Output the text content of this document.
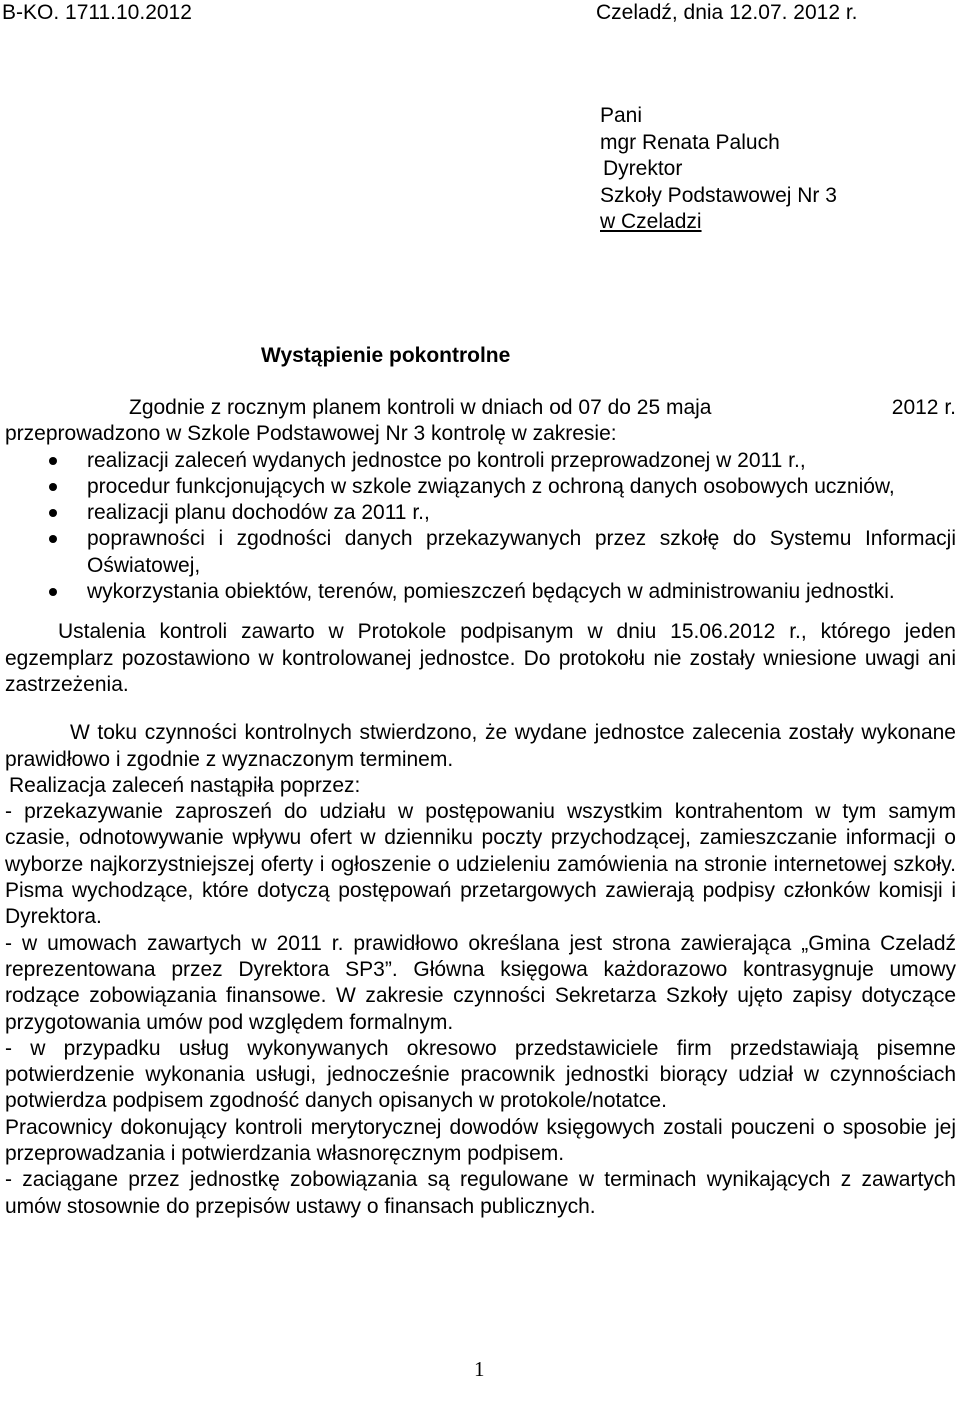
B-KO. 1711.10.2012	Czeladź, dnia 12.07. 2012 r.
Pani
mgr Renata Paluch
Dyrektor
Szkoły Podstawowej Nr 3
w Czeladzi
Wystąpienie pokontrolne
Zgodnie z rocznym planem kontroli w dniach od 07 do 25 maja	2012 r.

przeprowadzono w Szkole Podstawowej Nr 3 kontrolę w zakresie:

realizacji zaleceń wydanych jednostce po kontroli przeprowadzonej w 2011 r.,
procedur funkcjonujących w szkole związanych z ochroną danych osobowych uczniów,
realizacji planu dochodów za 2011 r.,
poprawności i zgodności danych przekazywanych przez szkołę do Systemu Informacji Oświatowej,
wykorzystania obiektów, terenów, pomieszczeń będących w administrowaniu jednostki.

Ustalenia kontroli zawarto w Protokole podpisanym w dniu 15.06.2012 r., którego jeden egzemplarz pozostawiono w kontrolowanej jednostce. Do protokołu nie zostały wniesione uwagi ani zastrzeżenia.

W toku czynności kontrolnych stwierdzono, że wydane jednostce zalecenia zostały wykonane prawidłowo i zgodnie z wyznaczonym terminem.

Realizacja zaleceń nastąpiła poprzez:

- przekazywanie zaproszeń do udziału w postępowaniu wszystkim kontrahentom w tym samym czasie, odnotowywanie wpływu ofert w dzienniku poczty przychodzącej, zamieszczanie informacji o wyborze najkorzystniejszej oferty i ogłoszenie o udzieleniu zamówienia na stronie internetowej szkoły. Pisma wychodzące, które dotyczą postępowań przetargowych zawierają podpisy członków komisji i Dyrektora.

- w umowach zawartych w 2011 r. prawidłowo określana jest strona zawierająca „Gmina Czeladź reprezentowana przez Dyrektora SP3”. Główna księgowa każdorazowo kontrasygnuje umowy rodzące zobowiązania finansowe. W zakresie czynności Sekretarza Szkoły ujęto zapisy dotyczące przygotowania umów pod względem formalnym.

- w przypadku usług wykonywanych okresowo przedstawiciele firm przedstawiają pisemne potwierdzenie wykonania usługi, jednocześnie pracownik jednostki biorący udział w czynnościach potwierdza podpisem zgodność danych opisanych w protokole/notatce.

Pracownicy dokonujący kontroli merytorycznej dowodów księgowych zostali pouczeni o sposobie jej przeprowadzania i potwierdzania własnoręcznym podpisem.

- zaciągane przez jednostkę zobowiązania są regulowane w terminach wynikających z zawartych umów stosownie do przepisów ustawy o finansach publicznych.

1
